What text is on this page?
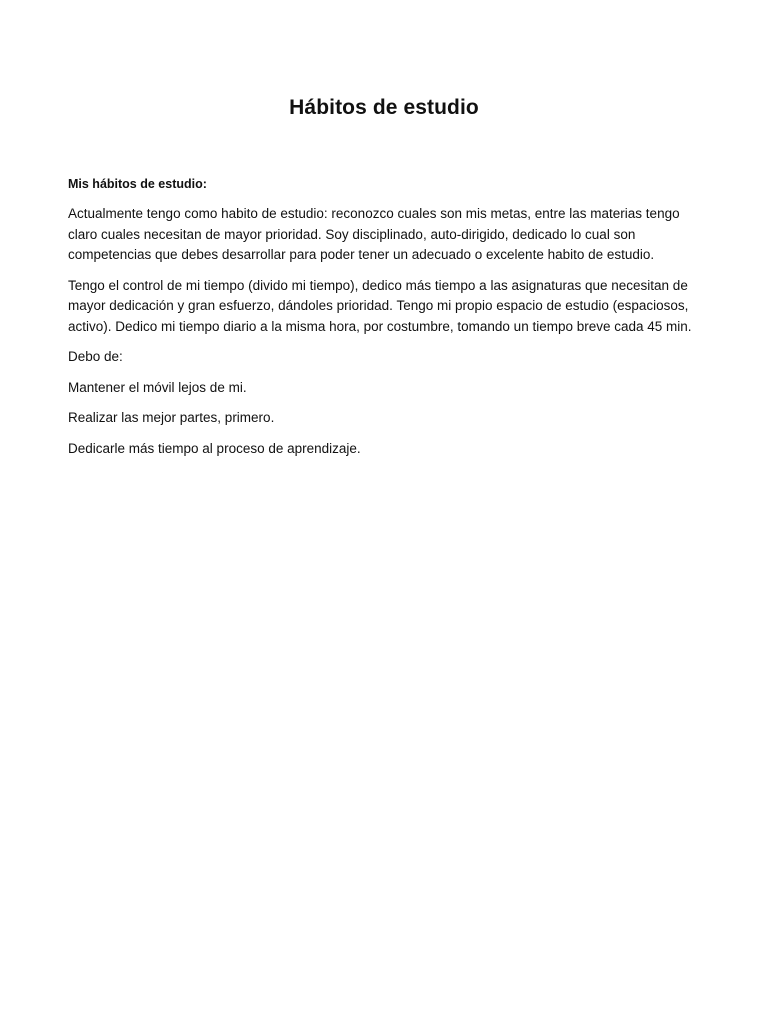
Hábitos de estudio

Mis hábitos de estudio:

Actualmente tengo como habito de estudio: reconozco cuales son mis metas, entre las materias tengo claro cuales necesitan de mayor prioridad. Soy disciplinado, auto-dirigido, dedicado lo cual son competencias que debes desarrollar para poder tener un adecuado o excelente habito de estudio.

Tengo el control de mi tiempo (divido mi tiempo), dedico más tiempo a las asignaturas que necesitan de mayor dedicación y gran esfuerzo, dándoles prioridad. Tengo mi propio espacio de estudio (espaciosos, activo). Dedico mi tiempo diario a la misma hora, por costumbre, tomando un tiempo breve cada 45 min.

Debo de:

Mantener el móvil lejos de mi.

Realizar las mejor partes, primero.

Dedicarle más tiempo al proceso de aprendizaje.
